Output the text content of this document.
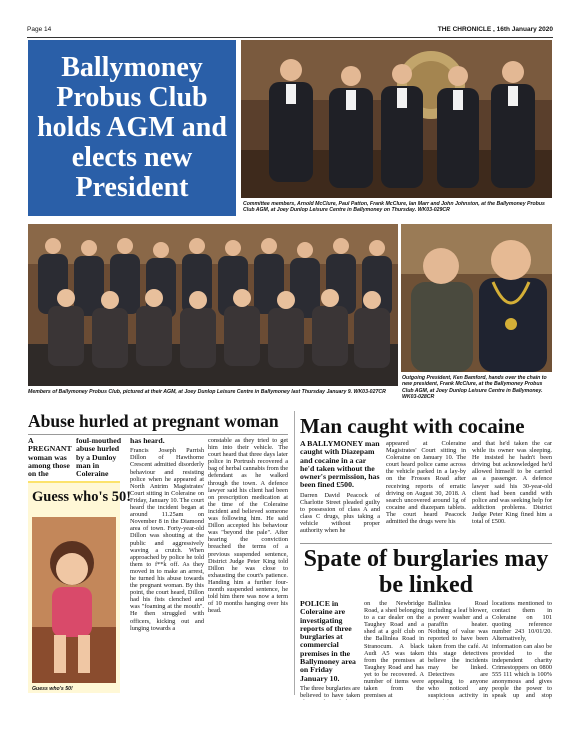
Page 14	THE CHRONICLE , 16th January 2020
Ballymoney Probus Club holds AGM and elects new President
Committee members, Arnold McClure, Paul Patton, Frank McClure, Ian Marr and John Johnston, at the Ballymoney Probus Club AGM, at Joey Dunlop Leisure Centre in Ballymoney on Thursday. WK03-029CR
Members of Ballymoney Probus Club, pictured at their AGM, at Joey Dunlop Leisure Centre in Ballymoney last Thursday January 9. WK03-027CR
Outgoing President, Ken Bamford, hands over the chain to new president, Frank McClure, at the Ballymoney Probus Club AGM, at Joey Dunlop Leisure Centre in Ballymoney. WK03-028CR
Abuse hurled at pregnant woman
A PREGNANT woman was among those on the
foul-mouthed abuse hurled by a Dunloy man in Coleraine
Guess who's 50!
Guess who's 50!
has heard.
Francis Joseph Parrish Dillon of Hawthorne Crescent admitted disorderly behaviour and resisting police when he appeared at North Antrim Magistrates' Court sitting in Coleraine on Friday, January 10. The court heard the incident began at around 11.25am on November 8 in the Diamond area of town. Forty-year-old Dillon was shouting at the public and aggressively waving a crutch. When approached by police he told them to f**k off. As they moved in to make an arrest, he turned his abuse towards the pregnant woman. By this point, the court heard, Dillon had his fists clenched and was "foaming at the mouth". He then struggled with officers, kicking out and lunging towards a
constable as they tried to get him into their vehicle. The court heard that three days later police in Portrush recovered a bag of herbal cannabis from the defendant as he walked through the town. A defence lawyer said his client had been on prescription medication at the time of the Coleraine incident and believed someone was following him. He said Dillon accepted his behaviour was "beyond the pale". After hearing the conviction breached the terms of a previous suspended sentence, District Judge Peter King told Dillon he was close to exhausting the court's patience. Handing him a further four-month suspended sentence, he told him there was now a term of 10 months hanging over his head.
Man caught with cocaine
A BALLYMONEY man caught with Diazepam and cocaine in a car he'd taken without the owner's permission, has been fined £500.
Darren David Peacock of Charlotte Street pleaded guilty to possession of class A and class C drugs, plus taking a vehicle without proper authority when he
appeared at Coleraine Magistrates' Court sitting in Coleraine on January 10. The court heard police came across the vehicle parked in a lay-by on the Frosses Road after receiving reports of erratic driving on August 30, 2018. A search uncovered around 1g of cocaine and diazepam tablets. The court heard Peacock admitted the drugs were his
and that he'd taken the car while its owner was sleeping. He insisted he hadn't been driving but acknowledged he'd allowed himself to be carried as a passenger. A defence lawyer said his 30-year-old client had been candid with police and was seeking help for addiction problems. District Judge Peter King fined him a total of £500.
Spate of burglaries may be linked
POLICE in Coleraine are investigating reports of three burglaries at commercial premises in the Ballymoney area on Friday January 10.
The three burglaries are believed to have taken
on the Newbridge Road, a shed belonging to a car dealer on the Taughey Road and a shed at a golf club on the Ballinlea Road in Stranocum. A black Audi A5 was taken from the premises at Taughey Road and has yet to be recovered. A number of items were taken from the premises at
Ballinlea Road including a leaf blower, a power washer and a paraffin heater. Nothing of value was reported to have been taken from the café. At this stage detectives believe the incidents may be linked. Detectives are appealing to anyone who noticed any suspicious activity in
locations mentioned to contact them in Coleraine on 101 quoting reference number 243 10/01/20. Alternatively, information can also be provided to the independent charity Crimestoppers on 0800 555 111 which is 100% anonymous and gives people the power to speak up and stop
